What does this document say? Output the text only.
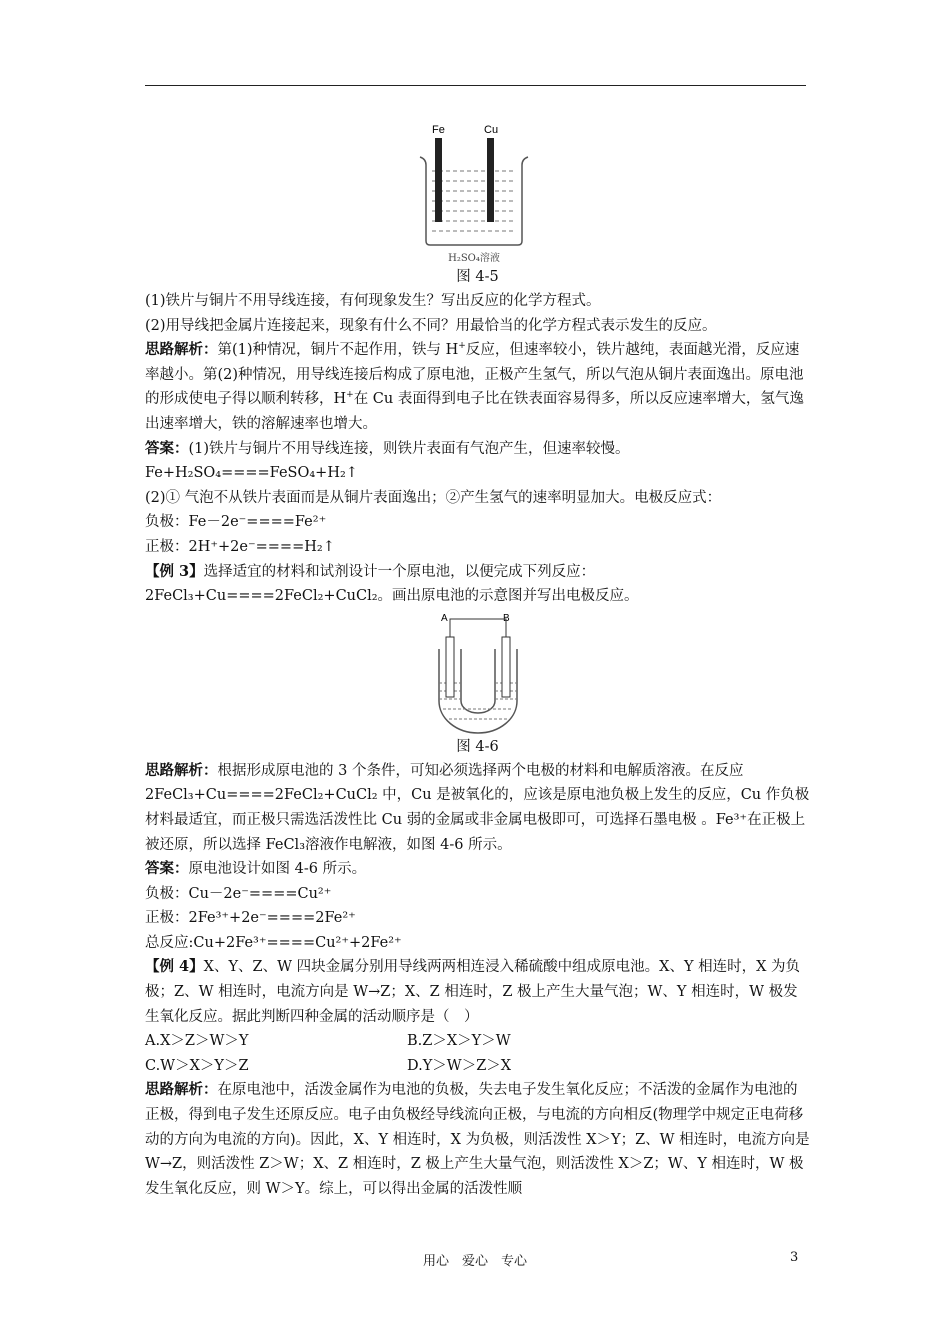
Fe	Cu
H₂SO₄溶液
图 4-5

(1)铁片与铜片不用导线连接，有何现象发生？写出反应的化学方程式。

(2)用导线把金属片连接起来，现象有什么不同？用最恰当的化学方程式表示发生的反应。

思路解析：第(1)种情况，铜片不起作用，铁与 H+反应，但速率较小，铁片越纯，表面越光滑，反应速率越小。第(2)种情况，用导线连接后构成了原电池，正极产生氢气，所以气泡从铜片表面逸出。原电池的形成使电子得以顺利转移，H+在 Cu 表面得到电子比在铁表面容易得多，所以反应速率增大，氢气逸出速率增大，铁的溶解速率也增大。

答案：(1)铁片与铜片不用导线连接，则铁片表面有气泡产生，但速率较慢。

Fe+H₂SO₄====FeSO₄+H₂↑

(2)① 气泡不从铁片表面而是从铜片表面逸出；②产生氢气的速率明显加大。电极反应式：

负极：Fe－2e⁻====Fe²⁺

正极：2H⁺+2e⁻====H₂↑

【例 3】选择适宜的材料和试剂设计一个原电池，以便完成下列反应：2FeCl₃+Cu====2FeCl₂+CuCl₂。画出原电池的示意图并写出电极反应。

A	B
图 4-6

思路解析：根据形成原电池的 3 个条件，可知必须选择两个电极的材料和电解质溶液。在反应 2FeCl₃+Cu====2FeCl₂+CuCl₂ 中，Cu 是被氧化的，应该是原电池负极上发生的反应，Cu 作负极材料最适宜，而正极只需选活泼性比 Cu 弱的金属或非金属电极即可，可选择石墨电极 。Fe³⁺在正极上被还原，所以选择 FeCl₃溶液作电解液，如图 4-6 所示。

答案：原电池设计如图 4-6 所示。

负极：Cu－2e⁻====Cu²⁺

正极：2Fe³⁺+2e⁻====2Fe²⁺

总反应:Cu+2Fe³⁺====Cu²⁺+2Fe²⁺

【例 4】X、Y、Z、W 四块金属分别用导线两两相连浸入稀硫酸中组成原电池。X、Y 相连时，X 为负极；Z、W 相连时，电流方向是 W→Z；X、Z 相连时，Z 极上产生大量气泡；W、Y 相连时，W 极发生氧化反应。据此判断四种金属的活动顺序是（　）

A.X＞Z＞W＞Y	B.Z＞X＞Y＞W
C.W＞X＞Y＞Z	D.Y＞W＞Z＞X

思路解析：在原电池中，活泼金属作为电池的负极，失去电子发生氧化反应；不活泼的金属作为电池的正极，得到电子发生还原反应。电子由负极经导线流向正极，与电流的方向相反(物理学中规定正电荷移动的方向为电流的方向)。因此，X、Y 相连时，X 为负极，则活泼性 X＞Y；Z、W 相连时，电流方向是 W→Z，则活泼性 Z＞W；X、Z 相连时，Z 极上产生大量气泡，则活泼性 X＞Z；W、Y 相连时，W 极发生氧化反应，则 W＞Y。综上，可以得出金属的活泼性顺

用心　爱心　专心	3
